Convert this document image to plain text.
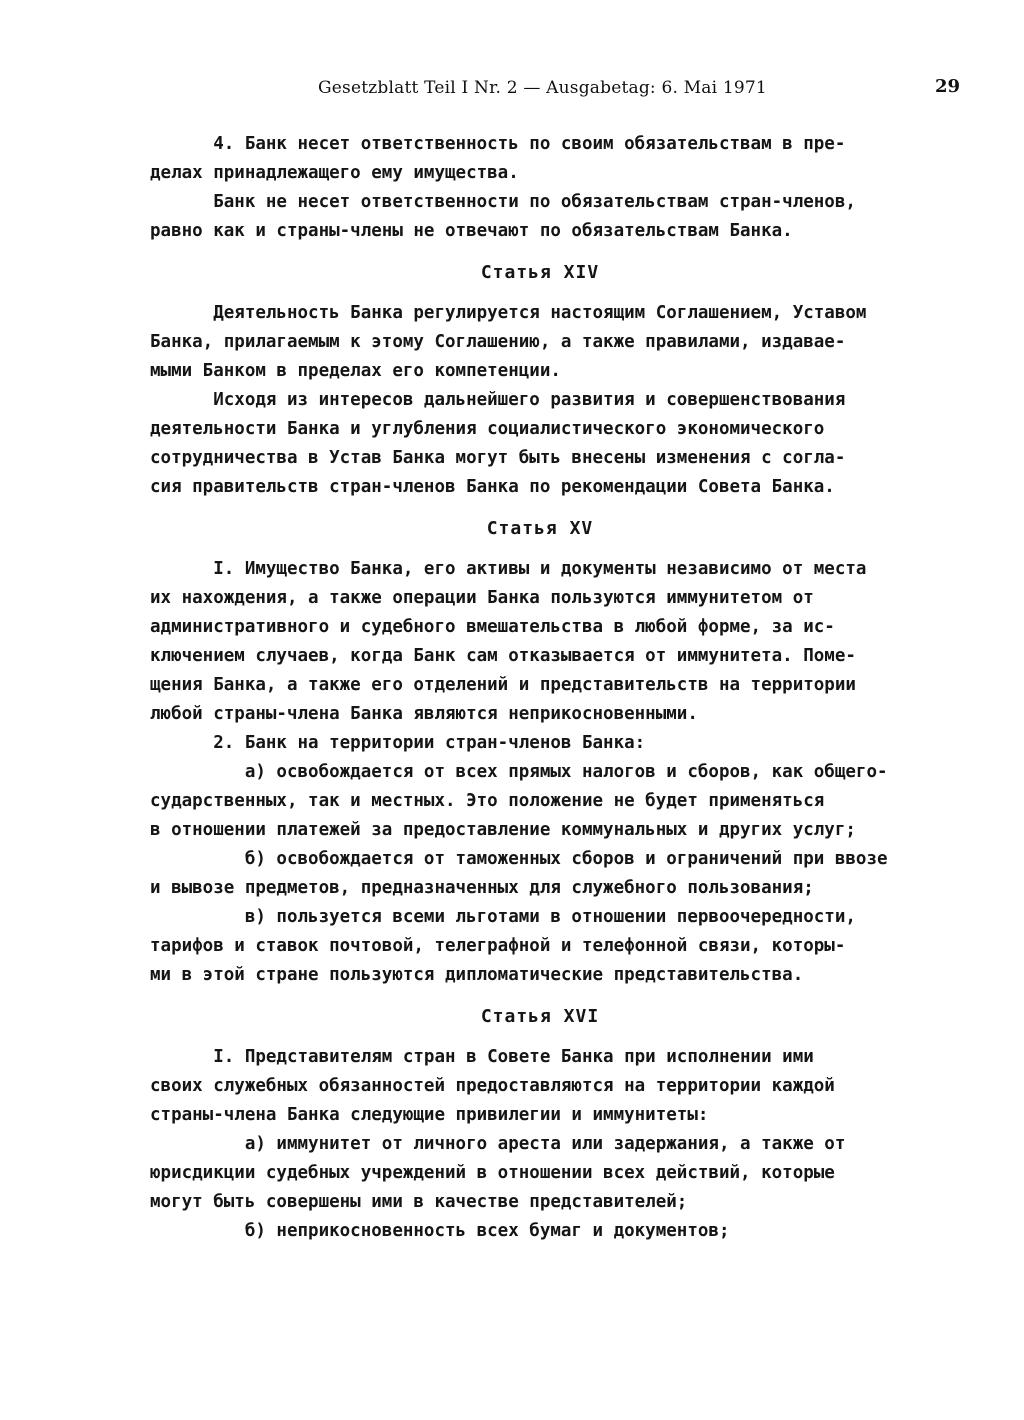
Gesetzblatt Teil I Nr. 2 — Ausgabetag: 6. Mai 1971	29
4. Банк несет ответственность по своим обязательствам в пре-
делах принадлежащего ему имущества.
Банк не несет ответственности по обязательствам стран-членов,
равно как и страны-члены не отвечают по обязательствам Банка.
Статья XIV
Деятельность Банка регулируется настоящим Соглашением, Уставом
Банка, прилагаемым к этому Соглашению, а также правилами, издавае-
мыми Банком в пределах его компетенции.
Исходя из интересов дальнейшего развития и совершенствования
деятельности Банка и углубления социалистического экономического
сотрудничества в Устав Банка могут быть внесены изменения с согла-
сия правительств стран-членов Банка по рекомендации Совета Банка.
Статья XV
I. Имущество Банка, его активы и документы независимо от места
их нахождения, а также операции Банка пользуются иммунитетом от
административного и судебного вмешательства в любой форме, за ис-
ключением случаев, когда Банк сам отказывается от иммунитета. Поме-
щения Банка, а также его отделений и представительств на территории
любой страны-члена Банка являются неприкосновенными.
2. Банк на территории стран-членов Банка:
а) освобождается от всех прямых налогов и сборов, как общего-
сударственных, так и местных. Это положение не будет применяться
в отношении платежей за предоставление коммунальных и других услуг;
б) освобождается от таможенных сборов и ограничений при ввозе
и вывозе предметов, предназначенных для служебного пользования;
в) пользуется всеми льготами в отношении первоочередности,
тарифов и ставок почтовой, телеграфной и телефонной связи, которы-
ми в этой стране пользуются дипломатические представительства.
Статья XVI
I. Представителям стран в Совете Банка при исполнении ими
своих служебных обязанностей предоставляются на территории каждой
страны-члена Банка следующие привилегии и иммунитеты:
а) иммунитет от личного ареста или задержания, а также от
юрисдикции судебных учреждений в отношении всех действий, которые
могут быть совершены ими в качестве представителей;
б) неприкосновенность всех бумаг и документов;
